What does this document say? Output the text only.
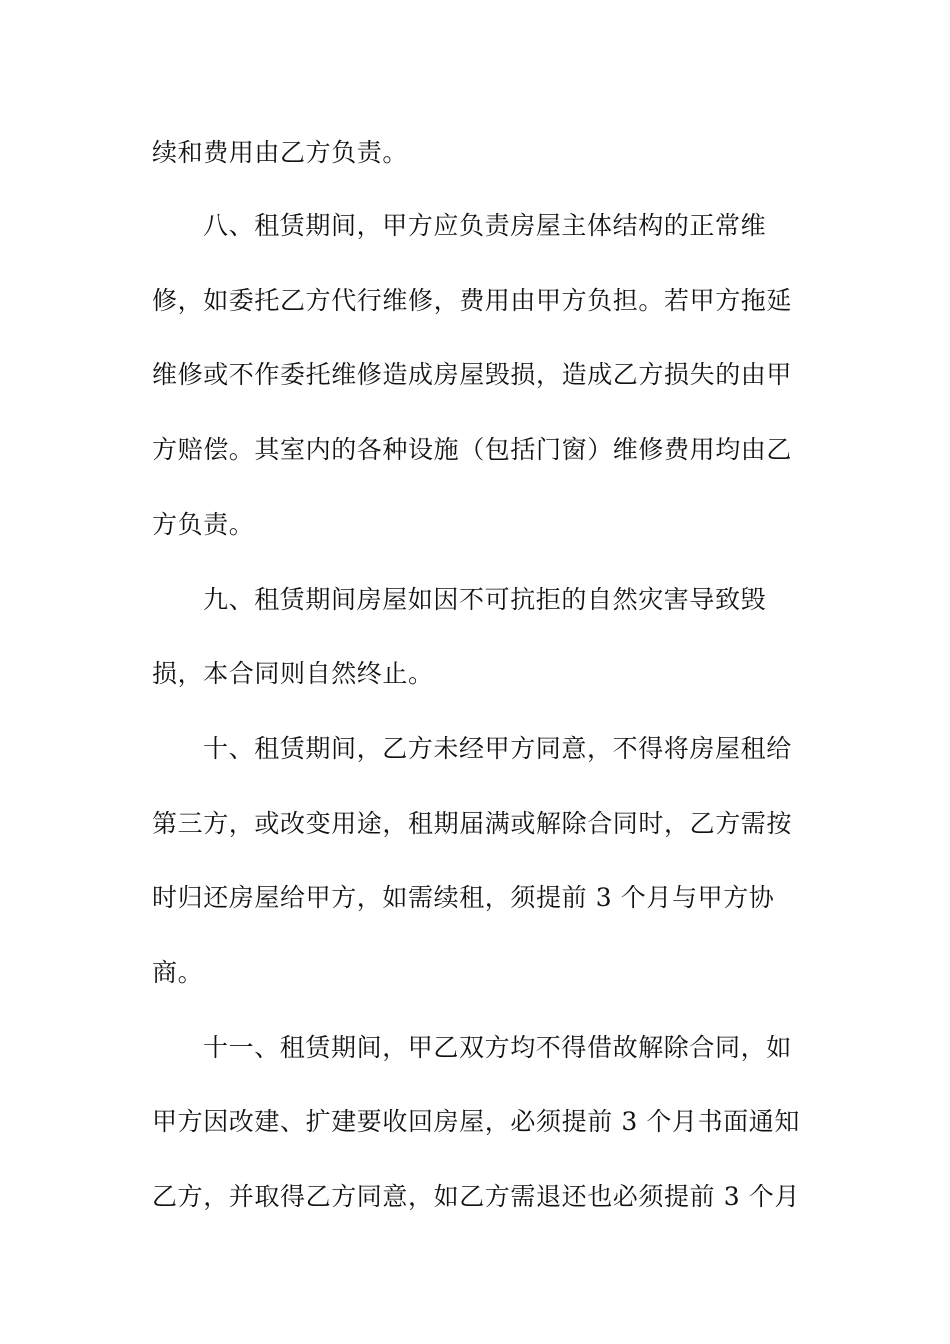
续和费用由乙方负责。
八、租赁期间，甲方应负责房屋主体结构的正常维
修，如委托乙方代行维修，费用由甲方负担。若甲方拖延
维修或不作委托维修造成房屋毁损，造成乙方损失的由甲
方赔偿。其室内的各种设施（包括门窗）维修费用均由乙
方负责。
九、租赁期间房屋如因不可抗拒的自然灾害导致毁
损，本合同则自然终止。
十、租赁期间，乙方未经甲方同意，不得将房屋租给
第三方，或改变用途，租期届满或解除合同时，乙方需按
时归还房屋给甲方，如需续租，须提前 3 个月与甲方协
商。
十一、租赁期间，甲乙双方均不得借故解除合同，如
甲方因改建、扩建要收回房屋，必须提前 3 个月书面通知
乙方，并取得乙方同意，如乙方需退还也必须提前 3 个月
